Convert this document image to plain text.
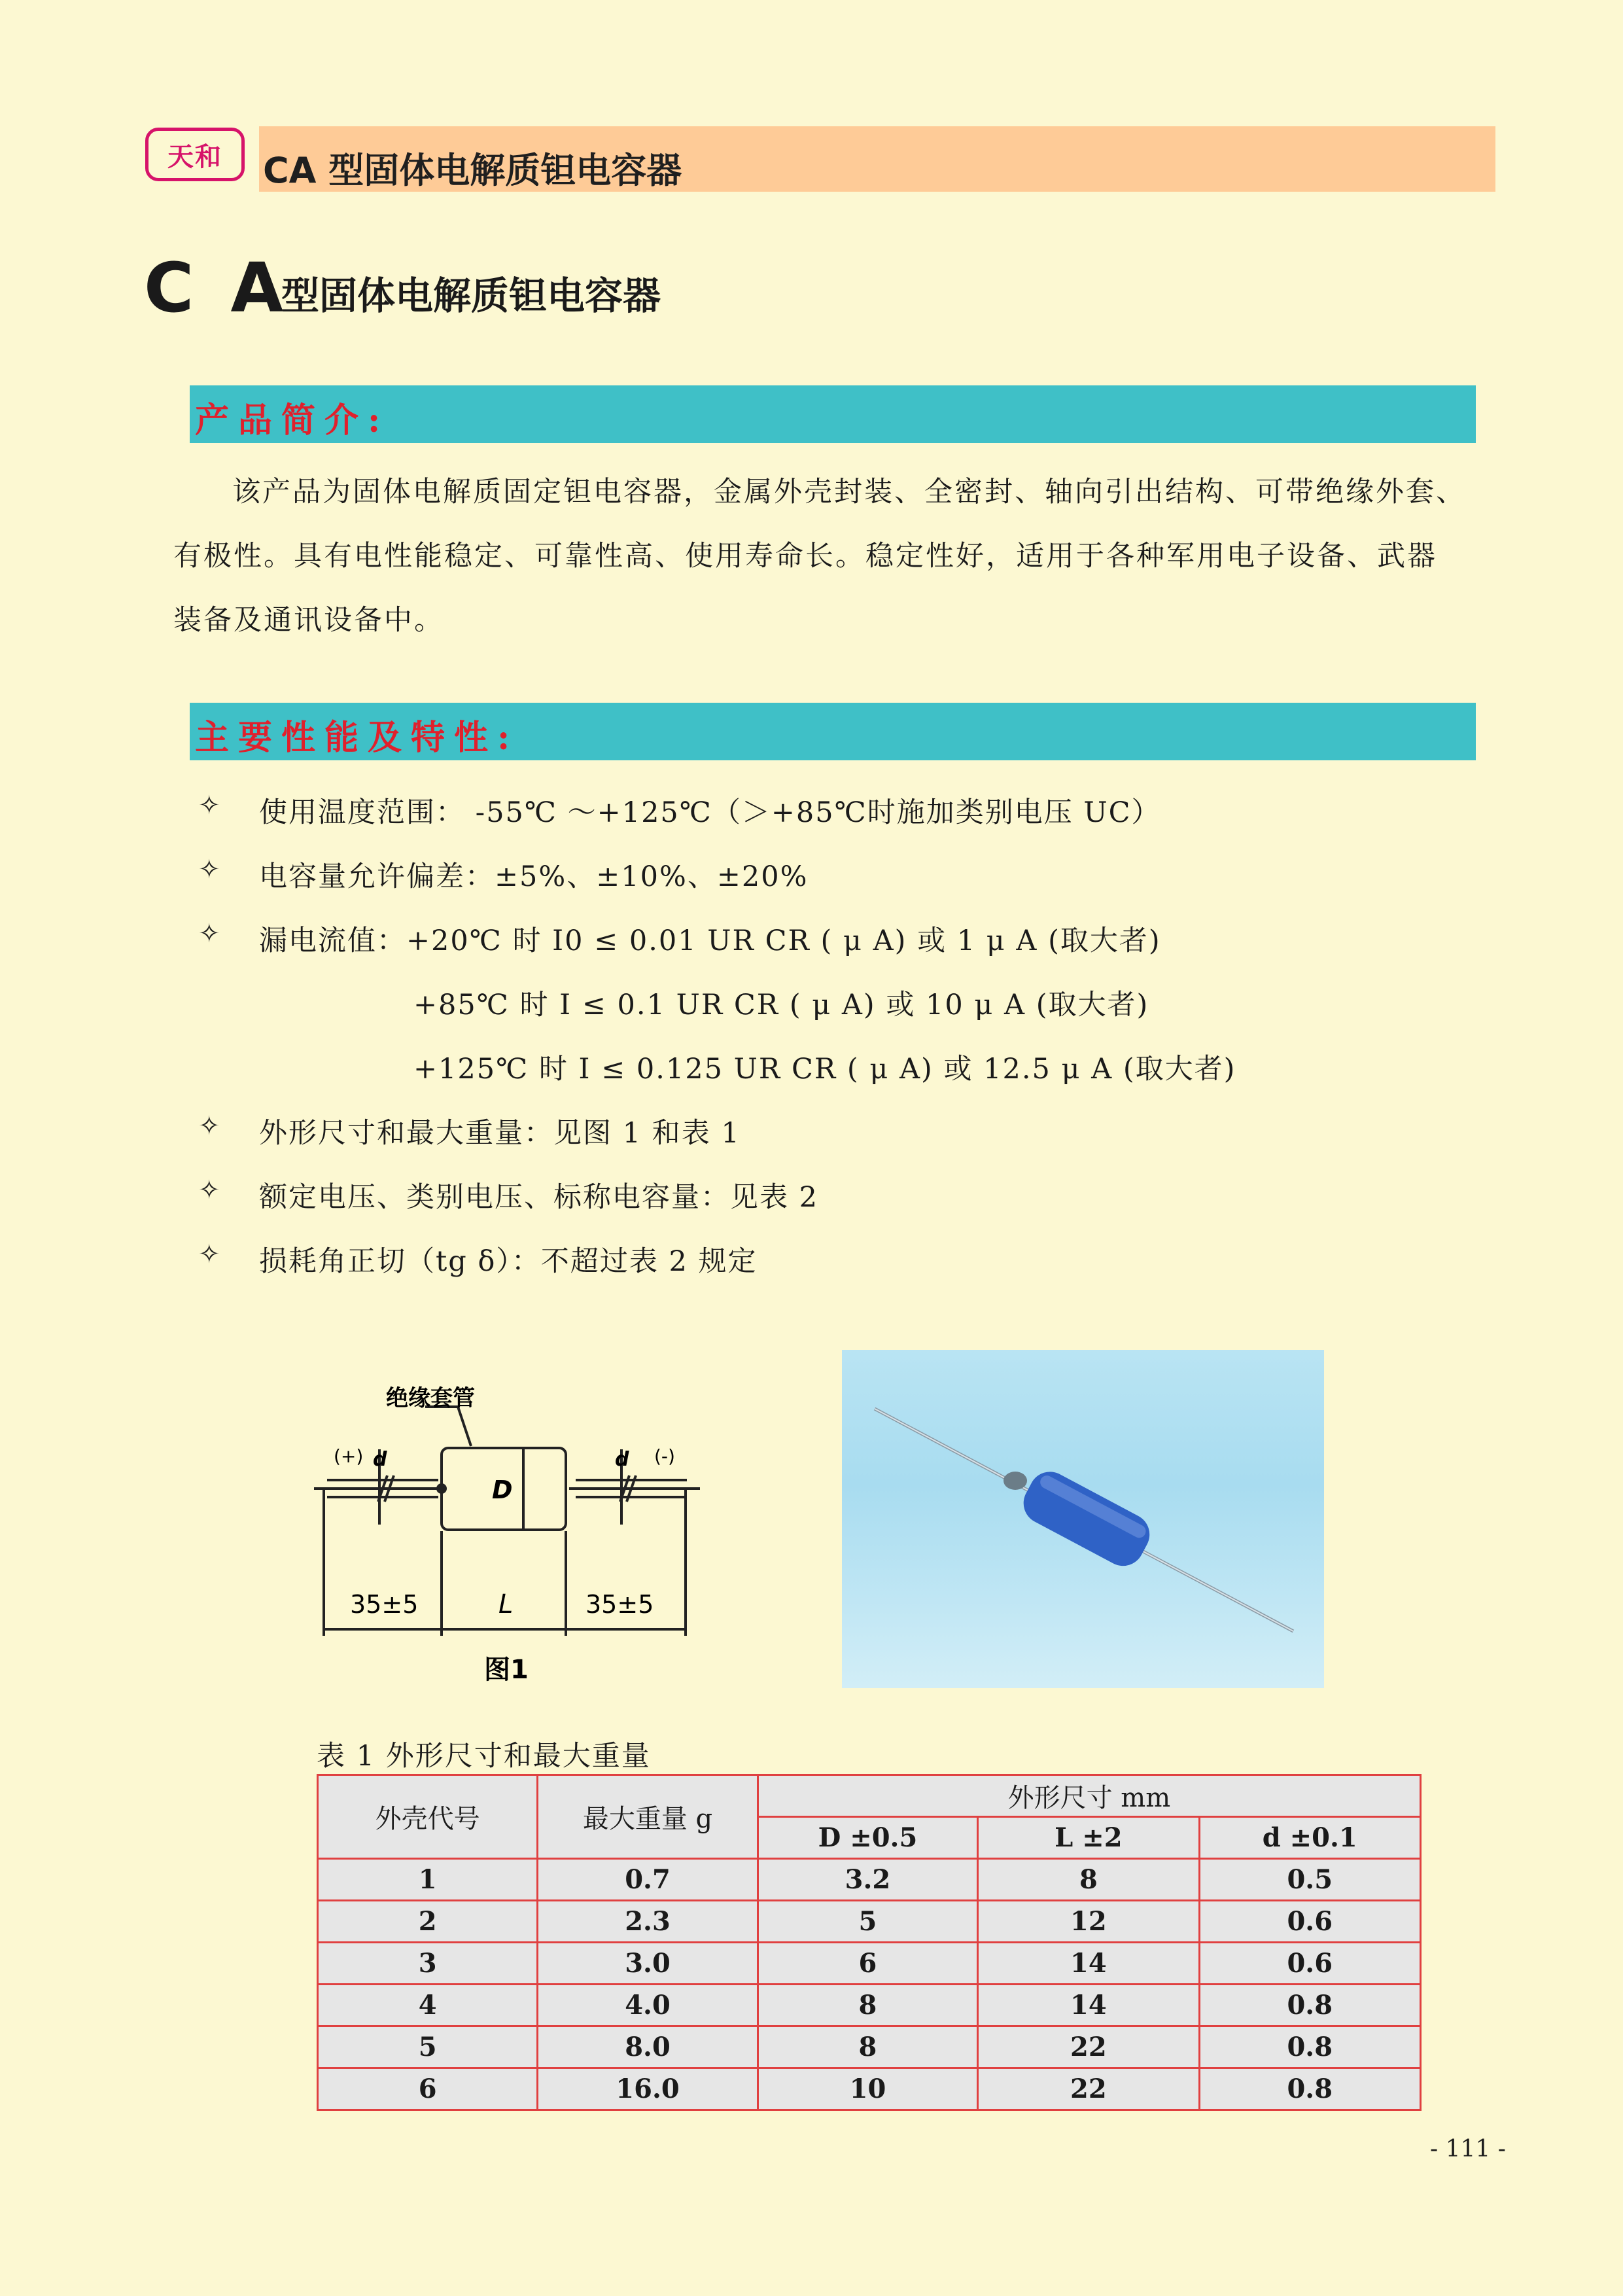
天和	CA 型固体电解质钽电容器
C A
型固体电解质钽电容器
产品简介:
该产品为固体电解质固定钽电容器，金属外壳封装、全密封、轴向引出结构、可带绝缘外套、
有极性。具有电性能稳定、可靠性高、使用寿命长。稳定性好，适用于各种军用电子设备、武器
装备及通讯设备中。
主要性能及特性:
✧ 使用温度范围： -55℃ ～+125℃（＞+85℃时施加类别电压 UC）
✧ 电容量允许偏差：±5%、±10%、±20%
✧ 漏电流值：+20℃ 时 I0 ≤ 0.01 UR CR ( μ A) 或 1 μ A (取大者)
+85℃ 时 I ≤ 0.1 UR CR ( μ A) 或 10 μ A (取大者)
+125℃ 时 I ≤ 0.125 UR CR ( μ A) 或 12.5 μ A (取大者)
✧ 外形尺寸和最大重量：见图 1 和表 1
✧ 额定电压、类别电压、标称电容量：见表 2
✧ 损耗角正切（tg δ）：不超过表 2 规定
绝缘套管
(+)	(-)
d	d
D
35±5	L	35±5
图1
表 1 外形尺寸和最大重量
外壳代号	最大重量 g	外形尺寸 mm		
		D ±0.5	L ±2	d ±0.1
1	0.7	3.2	8	0.5
2	2.3	5	12	0.6
3	3.0	6	14	0.6
4	4.0	8	14	0.8
5	8.0	8	22	0.8
6	16.0	10	22	0.8
- 111 -
